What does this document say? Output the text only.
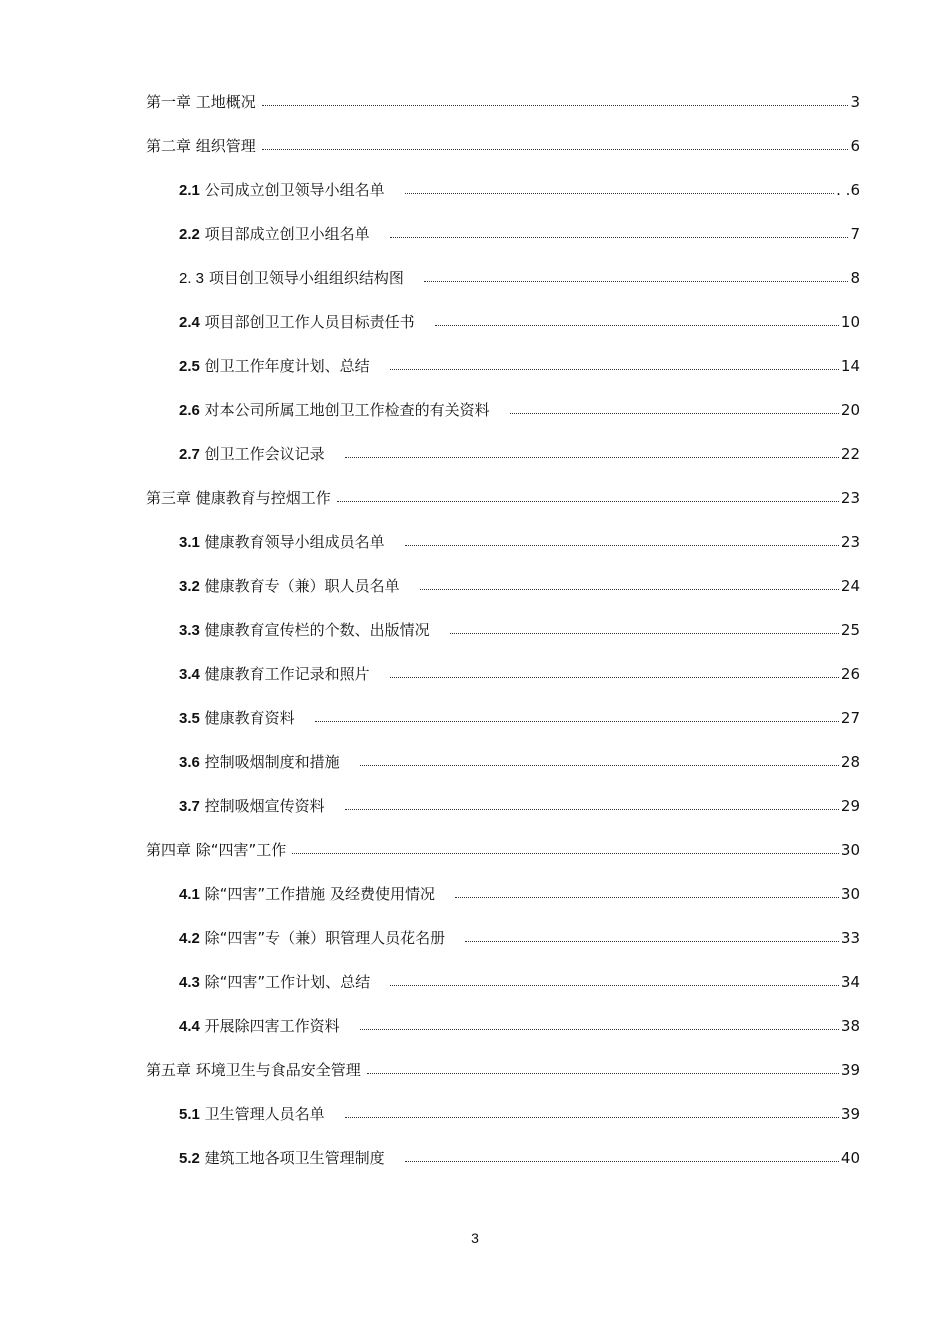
第一章 工地概况	3
第二章 组织管理	6
2.1 公司成立创卫领导小组名单	. .6
2.2 项目部成立创卫小组名单	7
2. 3 项目创卫领导小组组织结构图	8
2.4 项目部创卫工作人员目标责任书	10
2.5 创卫工作年度计划、总结	14
2.6 对本公司所属工地创卫工作检查的有关资料	20
2.7 创卫工作会议记录	22
第三章 健康教育与控烟工作	23
3.1 健康教育领导小组成员名单	23
3.2 健康教育专（兼）职人员名单	24
3.3 健康教育宣传栏的个数、出版情况	25
3.4 健康教育工作记录和照片	26
3.5 健康教育资料	27
3.6 控制吸烟制度和措施	28
3.7 控制吸烟宣传资料	29
第四章 除“四害”工作	30
4.1 除“四害”工作措施 及经费使用情况	30
4.2 除“四害”专（兼）职管理人员花名册	33
4.3 除“四害”工作计划、总结	34
4.4 开展除四害工作资料	38
第五章 环境卫生与食品安全管理	39
5.1 卫生管理人员名单	39
5.2 建筑工地各项卫生管理制度	40
3
